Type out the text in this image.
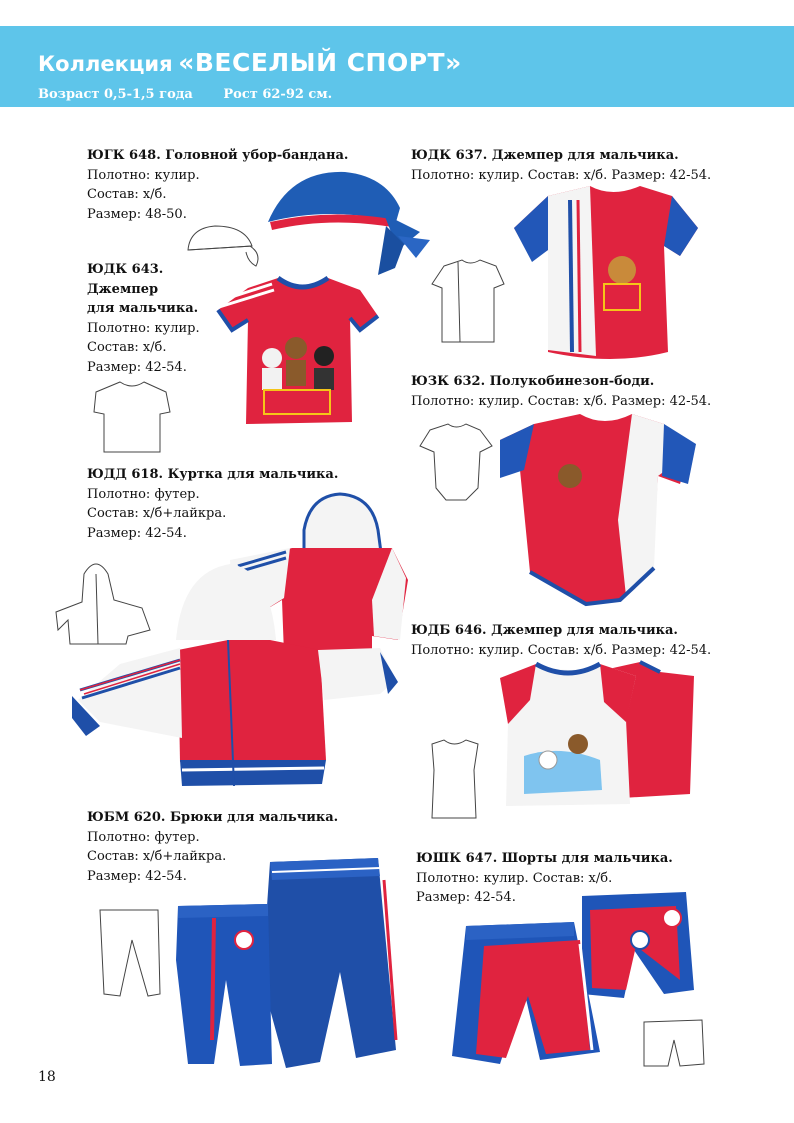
Коллекция «ВЕСЕЛЫЙ СПОРТ»
Возраст 0,5-1,5 года Рост 62-92 см.
ЮГК 648. Головной убор-бандана.
Полотно: кулир.
Состав: х/б.
Размер: 48-50.
ЮДК 643.
Джемпер
для мальчика.
Полотно: кулир.
Состав: х/б.
Размер: 42-54.
ЮДД 618. Куртка для мальчика.
Полотно: футер.
Состав: х/б+лайкра.
Размер: 42-54.
ЮБМ 620. Брюки для мальчика.
Полотно: футер.
Состав: х/б+лайкра.
Размер: 42-54.
ЮДК 637. Джемпер для мальчика.
Полотно: кулир. Состав: х/б. Размер: 42-54.
ЮЗК 632. Полукобинезон-боди.
Полотно: кулир. Состав: х/б. Размер: 42-54.
ЮДБ 646. Джемпер для мальчика.
Полотно: кулир. Состав: х/б. Размер: 42-54.
ЮШК 647. Шорты для мальчика.
Полотно: кулир. Состав: х/б.
Размер: 42-54.
18
